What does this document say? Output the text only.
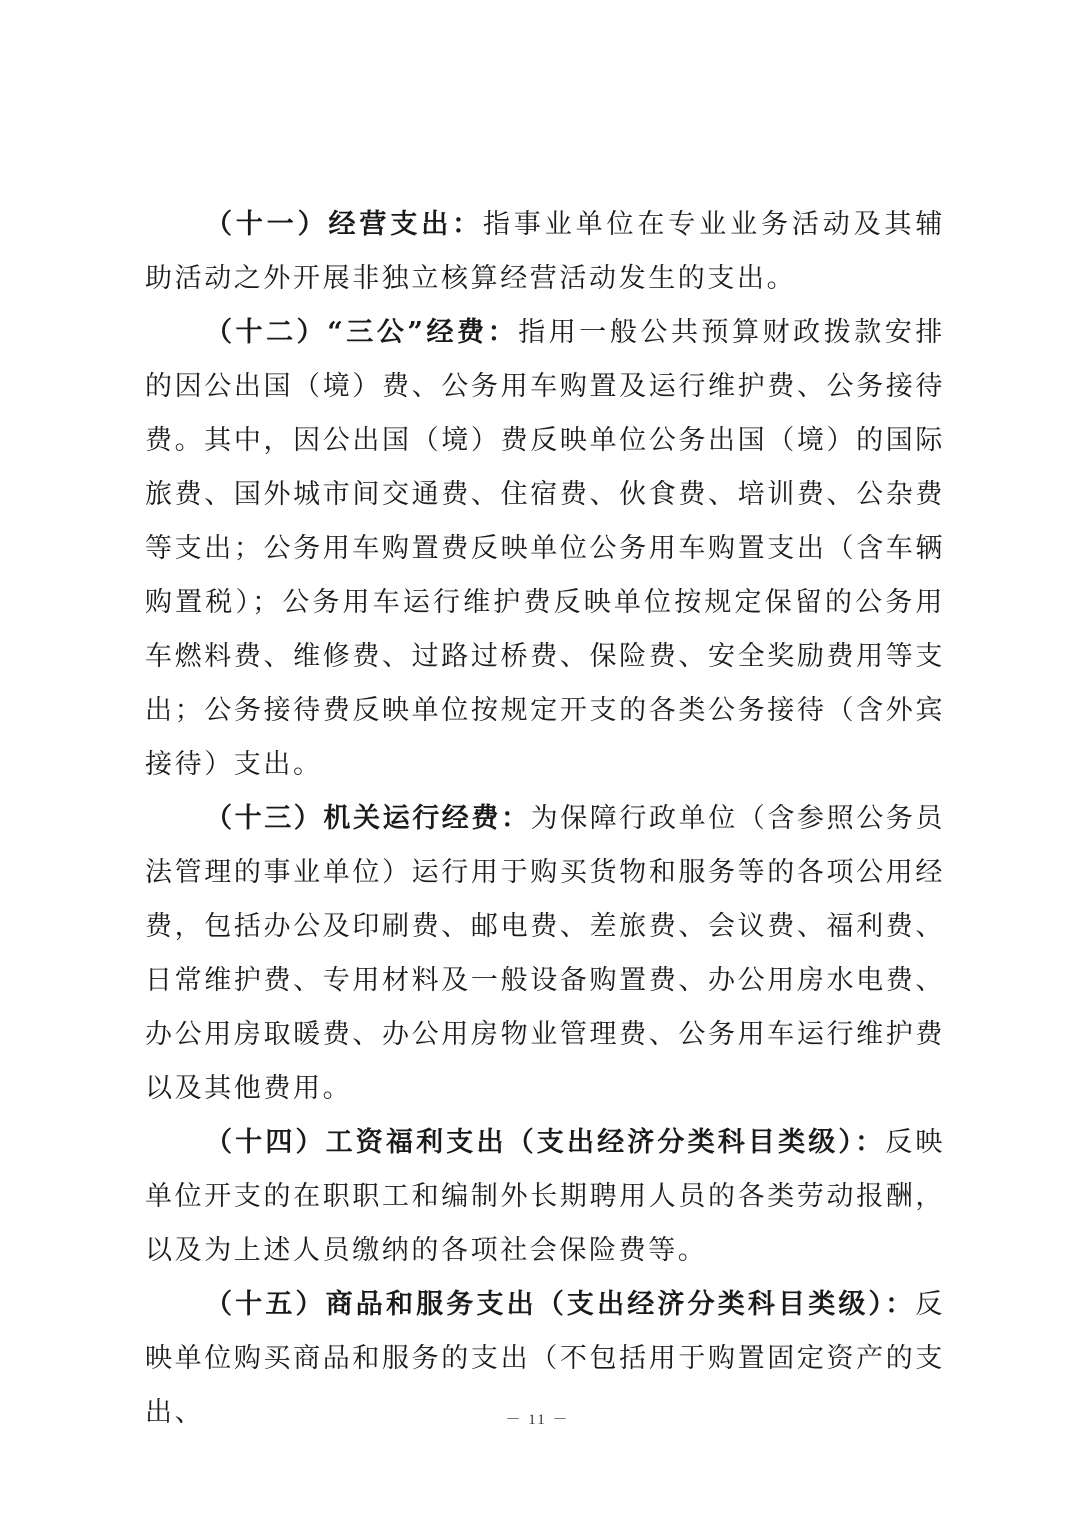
（十一）经营支出：指事业单位在专业业务活动及其辅助活动之外开展非独立核算经营活动发生的支出。

（十二）“三公”经费：指用一般公共预算财政拨款安排的因公出国（境）费、公务用车购置及运行维护费、公务接待费。其中，因公出国（境）费反映单位公务出国（境）的国际旅费、国外城市间交通费、住宿费、伙食费、培训费、公杂费等支出；公务用车购置费反映单位公务用车购置支出（含车辆购置税）；公务用车运行维护费反映单位按规定保留的公务用车燃料费、维修费、过路过桥费、保险费、安全奖励费用等支出；公务接待费反映单位按规定开支的各类公务接待（含外宾接待）支出。

（十三）机关运行经费：为保障行政单位（含参照公务员法管理的事业单位）运行用于购买货物和服务等的各项公用经费，包括办公及印刷费、邮电费、差旅费、会议费、福利费、日常维护费、专用材料及一般设备购置费、办公用房水电费、办公用房取暖费、办公用房物业管理费、公务用车运行维护费以及其他费用。

（十四）工资福利支出（支出经济分类科目类级）：反映单位开支的在职职工和编制外长期聘用人员的各类劳动报酬，以及为上述人员缴纳的各项社会保险费等。

（十五）商品和服务支出（支出经济分类科目类级）：反映单位购买商品和服务的支出（不包括用于购置固定资产的支出、	－ 11 －
